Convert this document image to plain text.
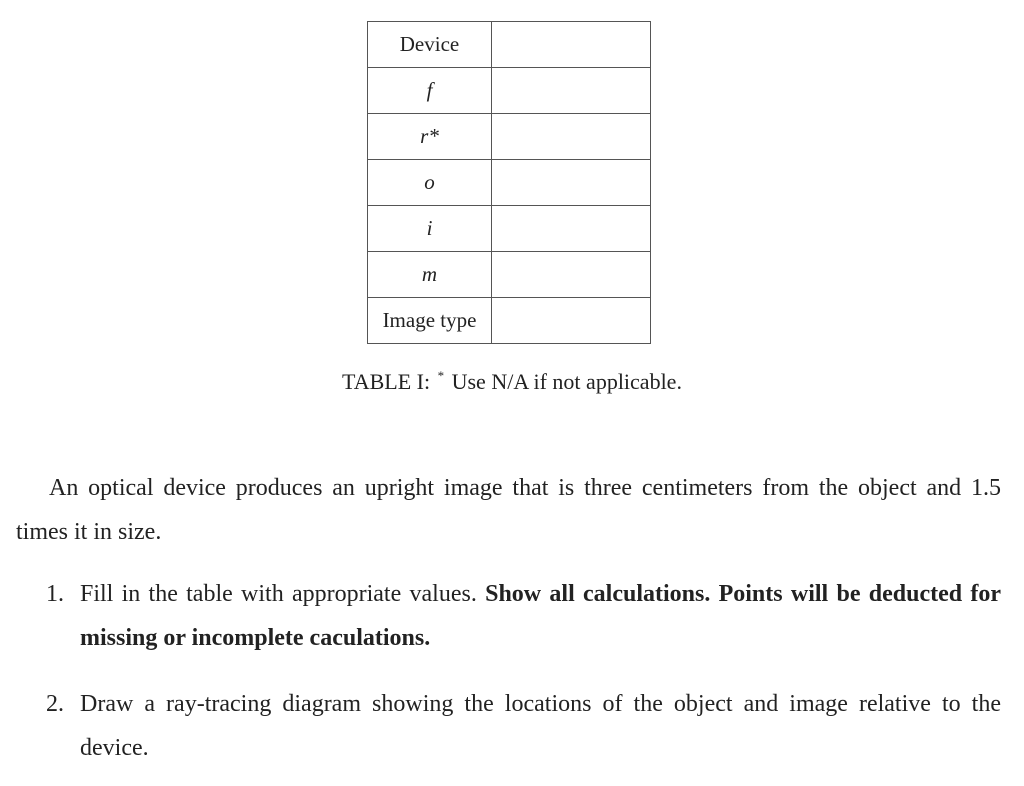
Device	
f	
r*	
o	
i	
m	
Image type	
TABLE I: * Use N/A if not applicable.

An optical device produces an upright image that is three centimeters from the object and 1.5 times it in size.

1. Fill in the table with appropriate values. Show all calculations. Points will be deducted for missing or incomplete caculations.
2. Draw a ray-tracing diagram showing the locations of the object and image relative to the device.
